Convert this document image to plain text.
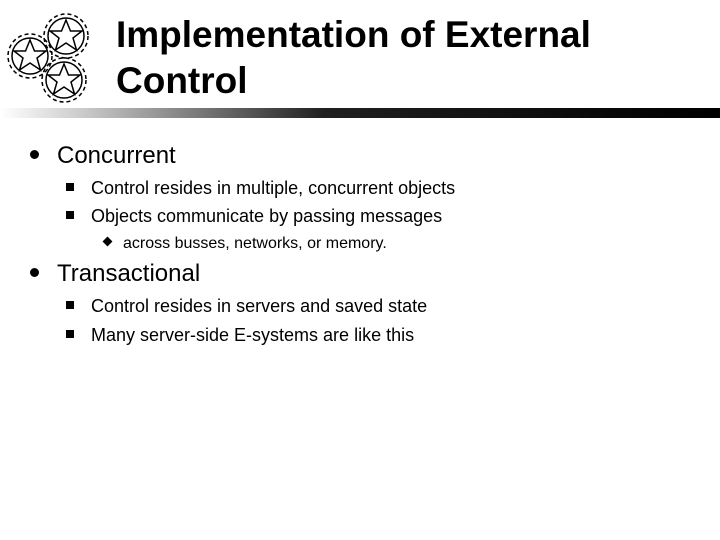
Implementation of External Control
Concurrent
Control resides in multiple, concurrent objects
Objects communicate by passing messages
across busses, networks, or memory.
Transactional
Control resides in servers and saved state
Many server-side E-systems are like this
